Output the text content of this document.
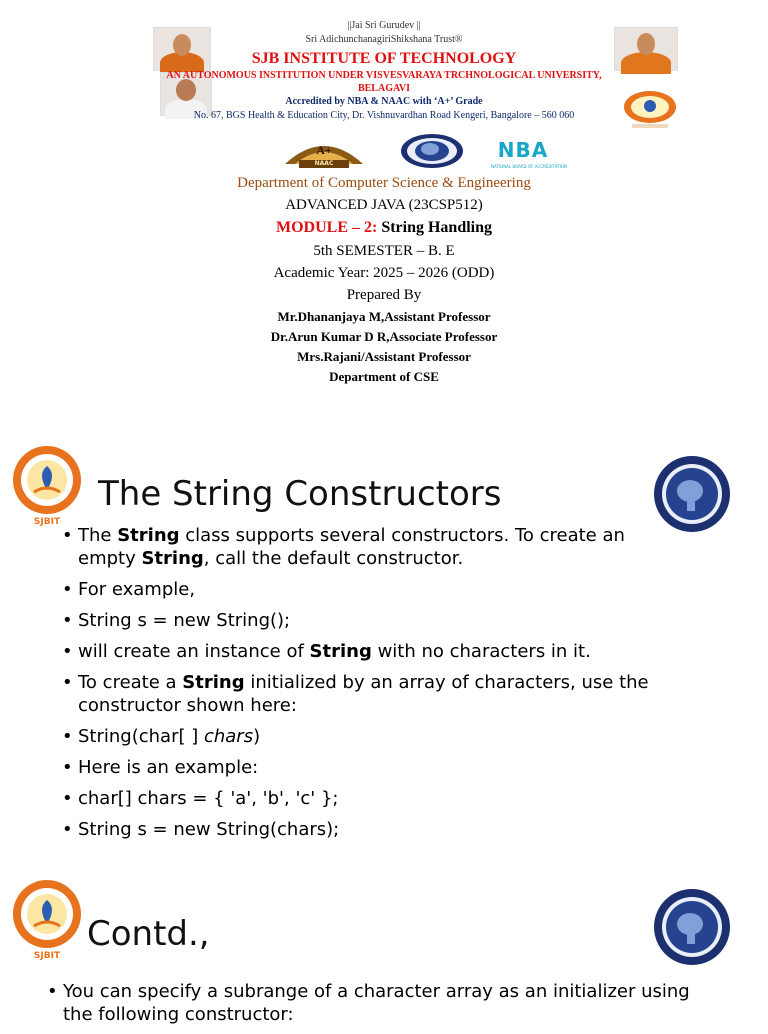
||Jai Sri Gurudev ||
Sri AdichunchanagiriShikshana Trust®
SJB INSTITUTE OF TECHNOLOGY
AN AUTONOMOUS INSTITUTION UNDER VISVESVARAYA TRCHNOLOGICAL UNIVERSITY,
BELAGAVI
Accredited by NBA & NAAC with ‘A+’ Grade
No. 67, BGS Health & Education City, Dr. Vishnuvardhan Road Kengeri, Bangalore – 560 060
A+
NAAC
NBA
NATIONAL BOARD OF ACCREDITATION
Department of Computer Science & Engineering
ADVANCED JAVA (23CSP512)
MODULE – 2: String Handling
5th SEMESTER – B. E
Academic Year: 2025 – 2026 (ODD)
Prepared By
Mr.Dhananjaya M,Assistant Professor
Dr.Arun Kumar D R,Associate Professor
Mrs.Rajani/Assistant Professor
Department of CSE
SJBIT
The String Constructors
• The String class supports several constructors. To create an empty String, call the default constructor.
• For example,
• String s = new String();
• will create an instance of String with no characters in it.
• To create a String initialized by an array of characters, use the constructor shown here:
• String(char[ ] chars)
• Here is an example:
• char[] chars = { 'a', 'b', 'c' };
• String s = new String(chars);
SJBIT
Contd.,
• You can specify a subrange of a character array as an initializer using the following constructor:
